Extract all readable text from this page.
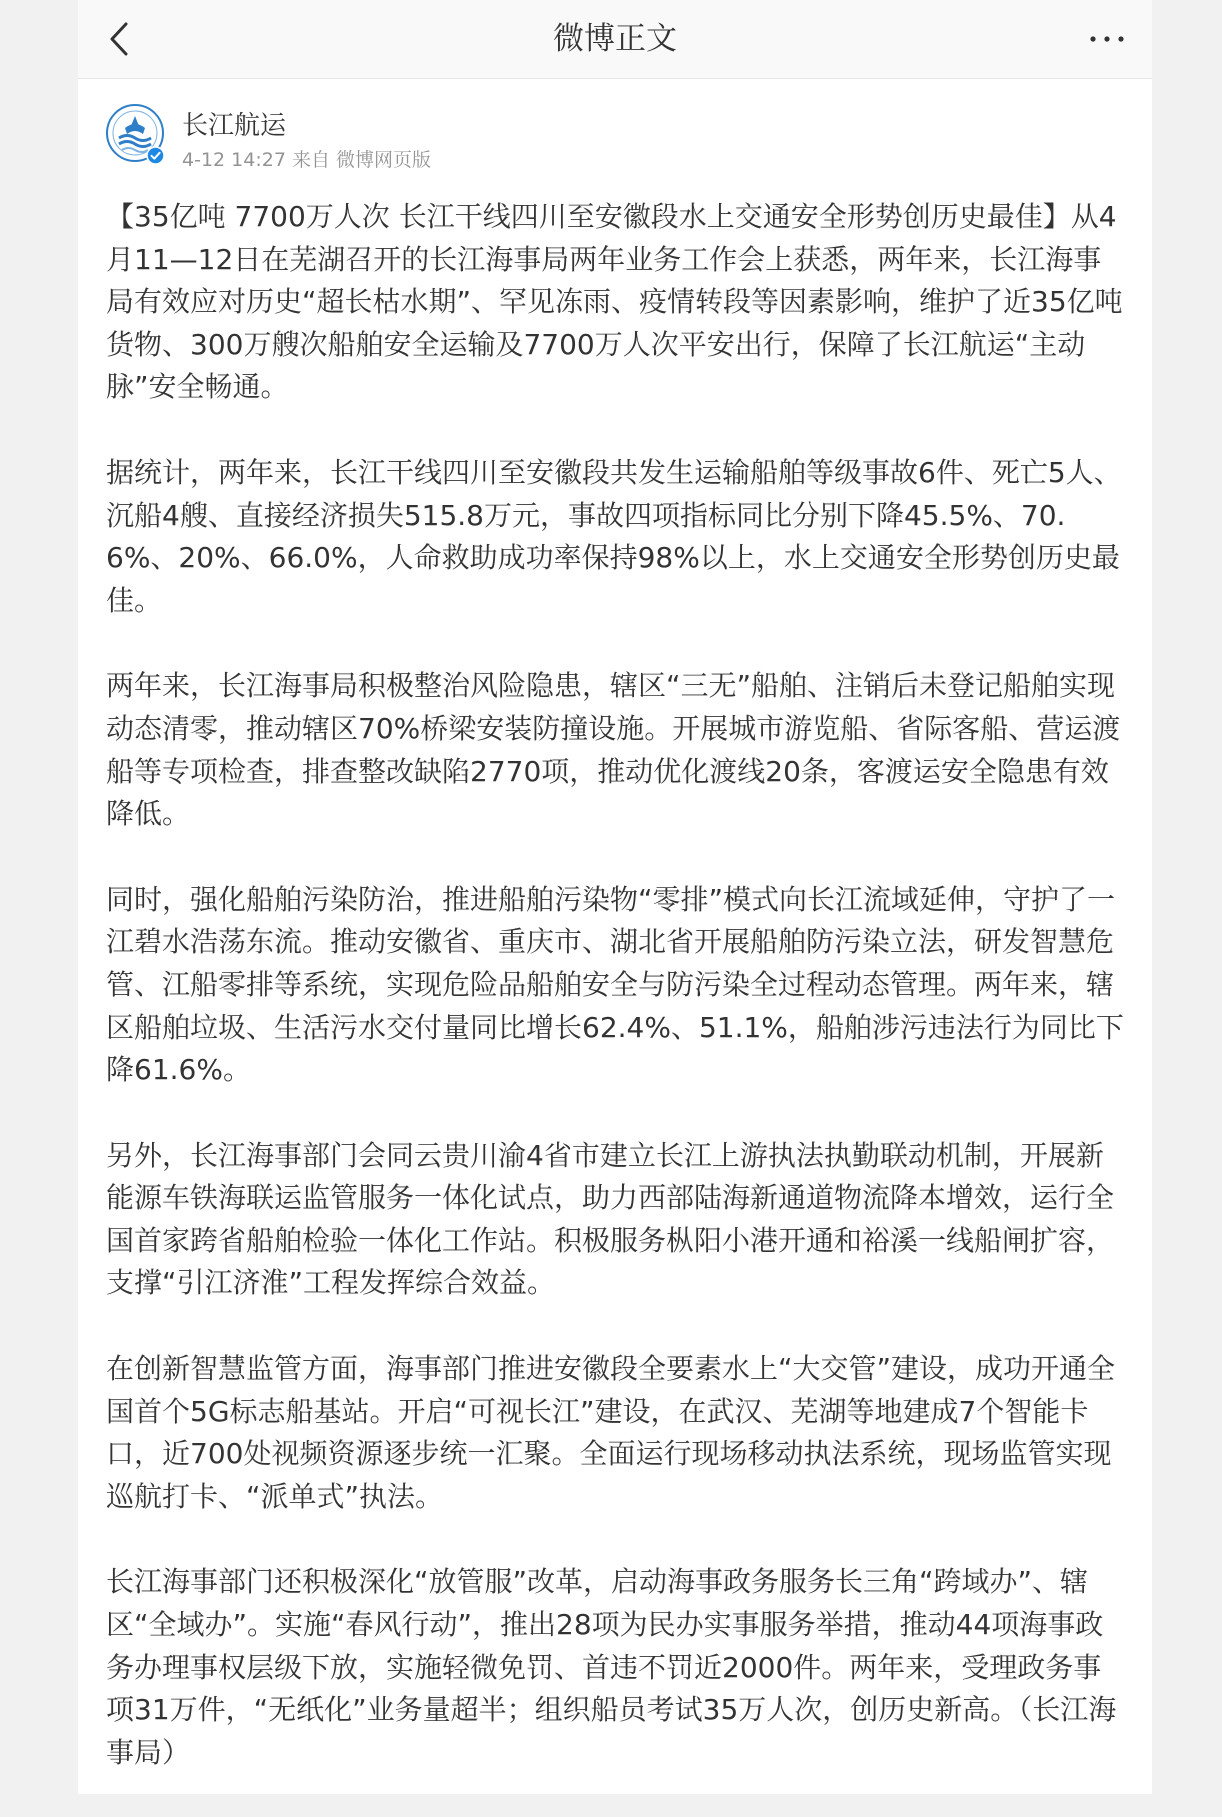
微博正文
长江航运
4-12 14:27 来自 微博网页版

【35亿吨 7700万人次 长江干线四川至安徽段水上交通安全形势创历史最佳】从4月11—12日在芜湖召开的长江海事局两年业务工作会上获悉，两年来，长江海事局有效应对历史“超长枯水期”、罕见冻雨、疫情转段等因素影响，维护了近35亿吨货物、300万艘次船舶安全运输及7700万人次平安出行，保障了长江航运“主动脉”安全畅通。

据统计，两年来，长江干线四川至安徽段共发生运输船舶等级事故6件、死亡5人、沉船4艘、直接经济损失515.8万元，事故四项指标同比分别下降45.5%、70.6%、20%、66.0%，人命救助成功率保持98%以上，水上交通安全形势创历史最佳。

两年来，长江海事局积极整治风险隐患，辖区“三无”船舶、注销后未登记船舶实现动态清零，推动辖区70%桥梁安装防撞设施。开展城市游览船、省际客船、营运渡船等专项检查，排查整改缺陷2770项，推动优化渡线20条，客渡运安全隐患有效降低。

同时，强化船舶污染防治，推进船舶污染物“零排”模式向长江流域延伸，守护了一江碧水浩荡东流。推动安徽省、重庆市、湖北省开展船舶防污染立法，研发智慧危管、江船零排等系统，实现危险品船舶安全与防污染全过程动态管理。两年来，辖区船舶垃圾、生活污水交付量同比增长62.4%、51.1%，船舶涉污违法行为同比下降61.6%。

另外，长江海事部门会同云贵川渝4省市建立长江上游执法执勤联动机制，开展新能源车铁海联运监管服务一体化试点，助力西部陆海新通道物流降本增效，运行全国首家跨省船舶检验一体化工作站。积极服务枞阳小港开通和裕溪一线船闸扩容，支撑“引江济淮”工程发挥综合效益。

在创新智慧监管方面，海事部门推进安徽段全要素水上“大交管”建设，成功开通全国首个5G标志船基站。开启“可视长江”建设，在武汉、芜湖等地建成7个智能卡口，近700处视频资源逐步统一汇聚。全面运行现场移动执法系统，现场监管实现巡航打卡、“派单式”执法。

长江海事部门还积极深化“放管服”改革，启动海事政务服务长三角“跨域办”、辖区“全域办”。实施“春风行动”，推出28项为民办实事服务举措，推动44项海事政务办理事权层级下放，实施轻微免罚、首违不罚近2000件。两年来，受理政务事项31万件，“无纸化”业务量超半；组织船员考试35万人次，创历史新高。（长江海事局）
